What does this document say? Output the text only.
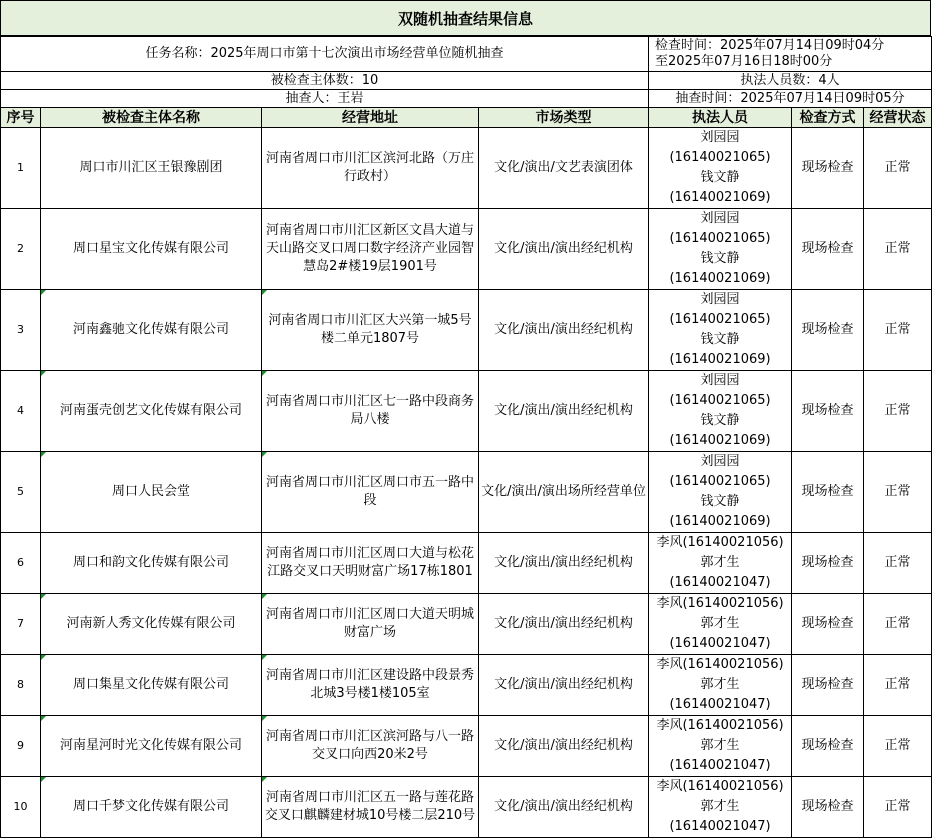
双随机抽查结果信息
任务名称：2025年周口市第十七次演出市场经营单位随机抽查				检查时间：2025年07月14日09时04分
至2025年07月16日18时00分		

被检查主体数：10				执法人员数：4人		
抽查人：王岩				抽查时间：2025年07月14日09时05分		
序号	被检查主体名称	经营地址	市场类型	执法人员	检查方式	经营状态
1	周口市川汇区王银豫剧团	河南省周口市川汇区滨河北路（万庄行政村）	文化/演出/文艺表演团体	刘园园(16140021065)
钱文静(16140021069)	现场检查	正常
2	周口星宝文化传媒有限公司	河南省周口市川汇区新区文昌大道与天山路交叉口周口数字经济产业园智慧岛2#楼19层1901号	文化/演出/演出经纪机构	刘园园(16140021065)
钱文静(16140021069)	现场检查	正常
3	河南鑫驰文化传媒有限公司	河南省周口市川汇区大兴第一城5号楼二单元1807号	文化/演出/演出经纪机构	刘园园(16140021065)
钱文静(16140021069)	现场检查	正常
4	河南蛋壳创艺文化传媒有限公司	河南省周口市川汇区七一路中段商务局八楼	文化/演出/演出经纪机构	刘园园(16140021065)
钱文静(16140021069)	现场检查	正常
5	周口人民会堂	河南省周口市川汇区周口市五一路中段	文化/演出/演出场所经营单位	刘园园(16140021065)
钱文静(16140021069)	现场检查	正常
6	周口和韵文化传媒有限公司	河南省周口市川汇区周口大道与松花江路交叉口天明财富广场17栋1801	文化/演出/演出经纪机构	李风(16140021056)
郭才生(16140021047)	现场检查	正常
7	河南新人秀文化传媒有限公司	河南省周口市川汇区周口大道天明城财富广场	文化/演出/演出经纪机构	李风(16140021056)
郭才生(16140021047)	现场检查	正常
8	周口集星文化传媒有限公司	河南省周口市川汇区建设路中段景秀北城3号楼1楼105室	文化/演出/演出经纪机构	李风(16140021056)
郭才生(16140021047)	现场检查	正常
9	河南星河时光文化传媒有限公司	河南省周口市川汇区滨河路与八一路交叉口向西20米2号	文化/演出/演出经纪机构	李风(16140021056)
郭才生(16140021047)	现场检查	正常
10	周口千梦文化传媒有限公司	河南省周口市川汇区五一路与莲花路交叉口麒麟建材城10号楼二层210号	文化/演出/演出经纪机构	李风(16140021056)
郭才生(16140021047)	现场检查	正常
